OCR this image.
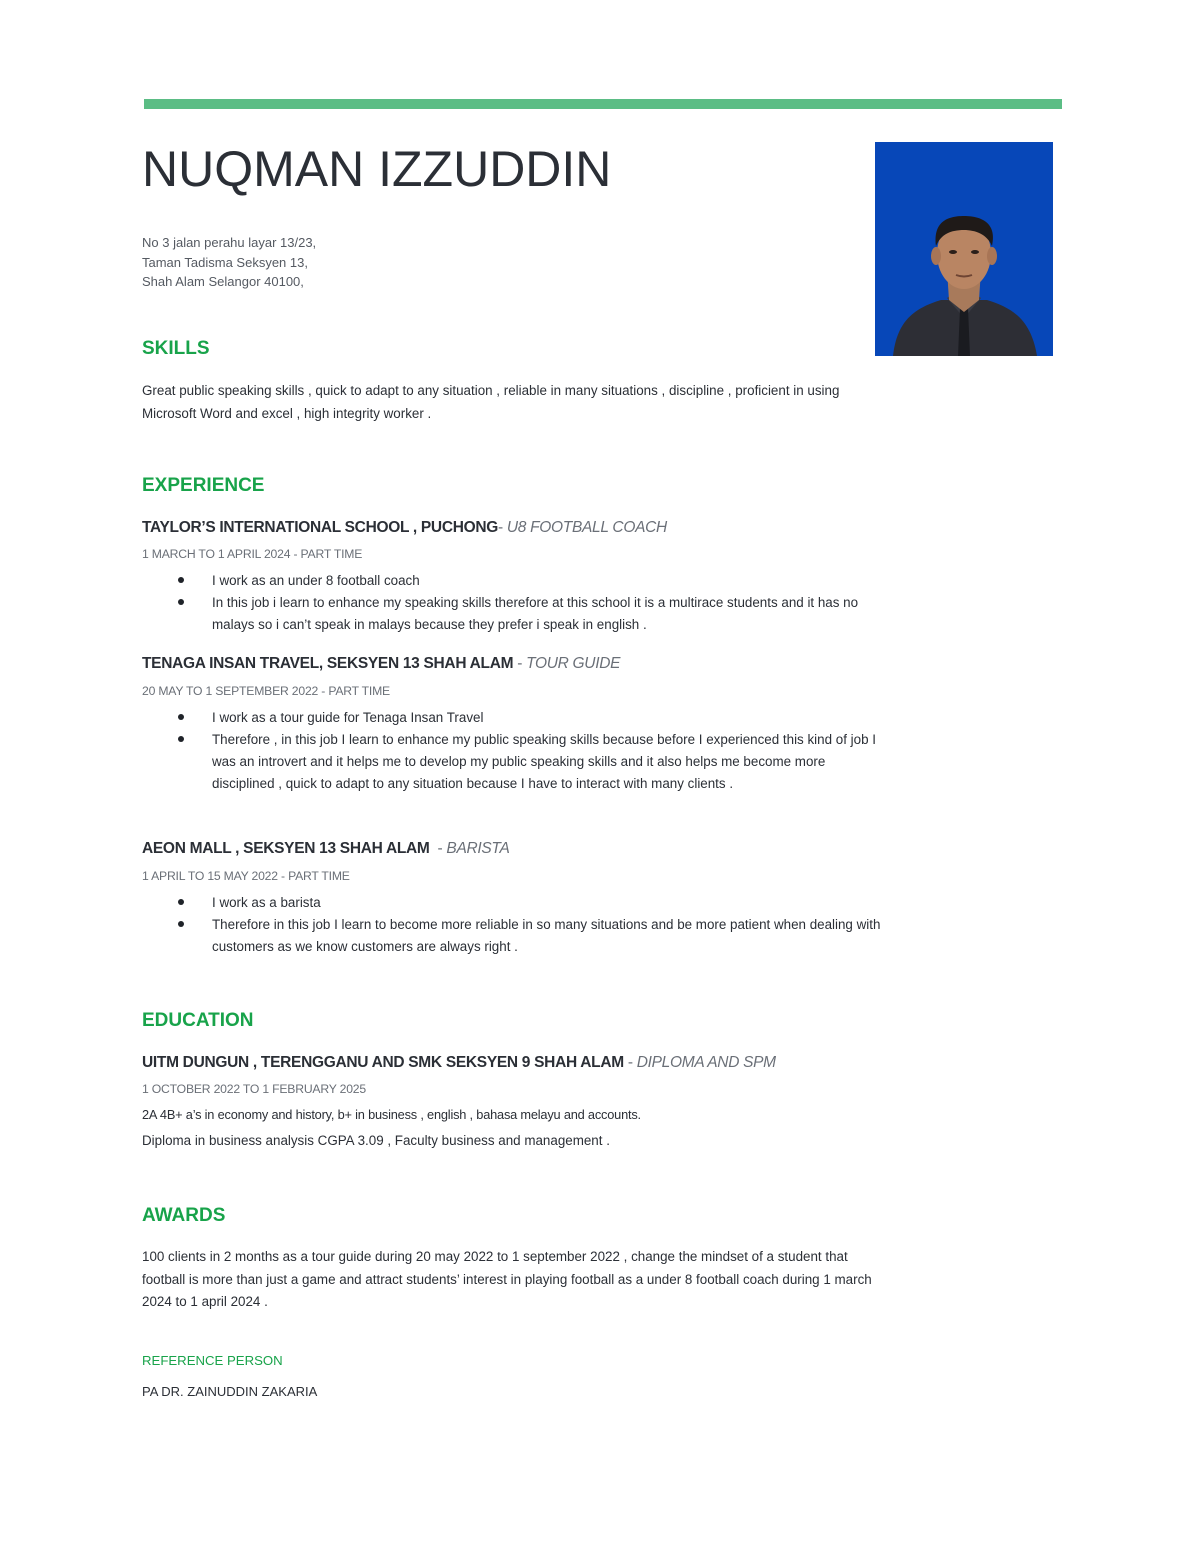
NUQMAN IZZUDDIN
No 3 jalan perahu layar 13/23,
Taman Tadisma Seksyen 13,
Shah Alam Selangor 40100,
SKILLS
Great public speaking skills , quick to adapt to any situation , reliable in many situations , discipline , proficient in using Microsoft Word and excel , high integrity worker .
EXPERIENCE
TAYLOR’S INTERNATIONAL SCHOOL , PUCHONG- U8 FOOTBALL COACH
1 MARCH TO 1 APRIL 2024 - PART TIME
I work as an under 8 football coach
In this job i learn to enhance my speaking skills therefore at this school it is a multirace students and it has no malays so i can’t speak in malays because they prefer i speak in english .
TENAGA INSAN TRAVEL, SEKSYEN 13 SHAH ALAM - TOUR GUIDE
20 MAY TO 1 SEPTEMBER 2022 - PART TIME
I work as a tour guide for Tenaga Insan Travel
Therefore , in this job I learn to enhance my public speaking skills because before I experienced this kind of job I was an introvert and it helps me to develop my public speaking skills and it also helps me become more disciplined , quick to adapt to any situation because I have to interact with many clients .
AEON MALL , SEKSYEN 13 SHAH ALAM  - BARISTA
1 APRIL TO 15 MAY 2022 - PART TIME
I work as a barista
Therefore in this job I learn to become more reliable in so many situations and be more patient when dealing with customers as we know customers are always right .
EDUCATION
UITM DUNGUN , TERENGGANU AND SMK SEKSYEN 9 SHAH ALAM - DIPLOMA AND SPM
1 OCTOBER 2022 TO 1 FEBRUARY 2025
2A 4B+ a’s in economy and history, b+ in business , english , bahasa melayu and accounts.
Diploma in business analysis CGPA 3.09 , Faculty business and management .
AWARDS
100 clients in 2 months as a tour guide during 20 may 2022 to 1 september 2022 , change the mindset of a student that football is more than just a game and attract students’ interest in playing football as a under 8 football coach during 1 march 2024 to 1 april 2024 .
REFERENCE PERSON
PA DR. ZAINUDDIN ZAKARIA
